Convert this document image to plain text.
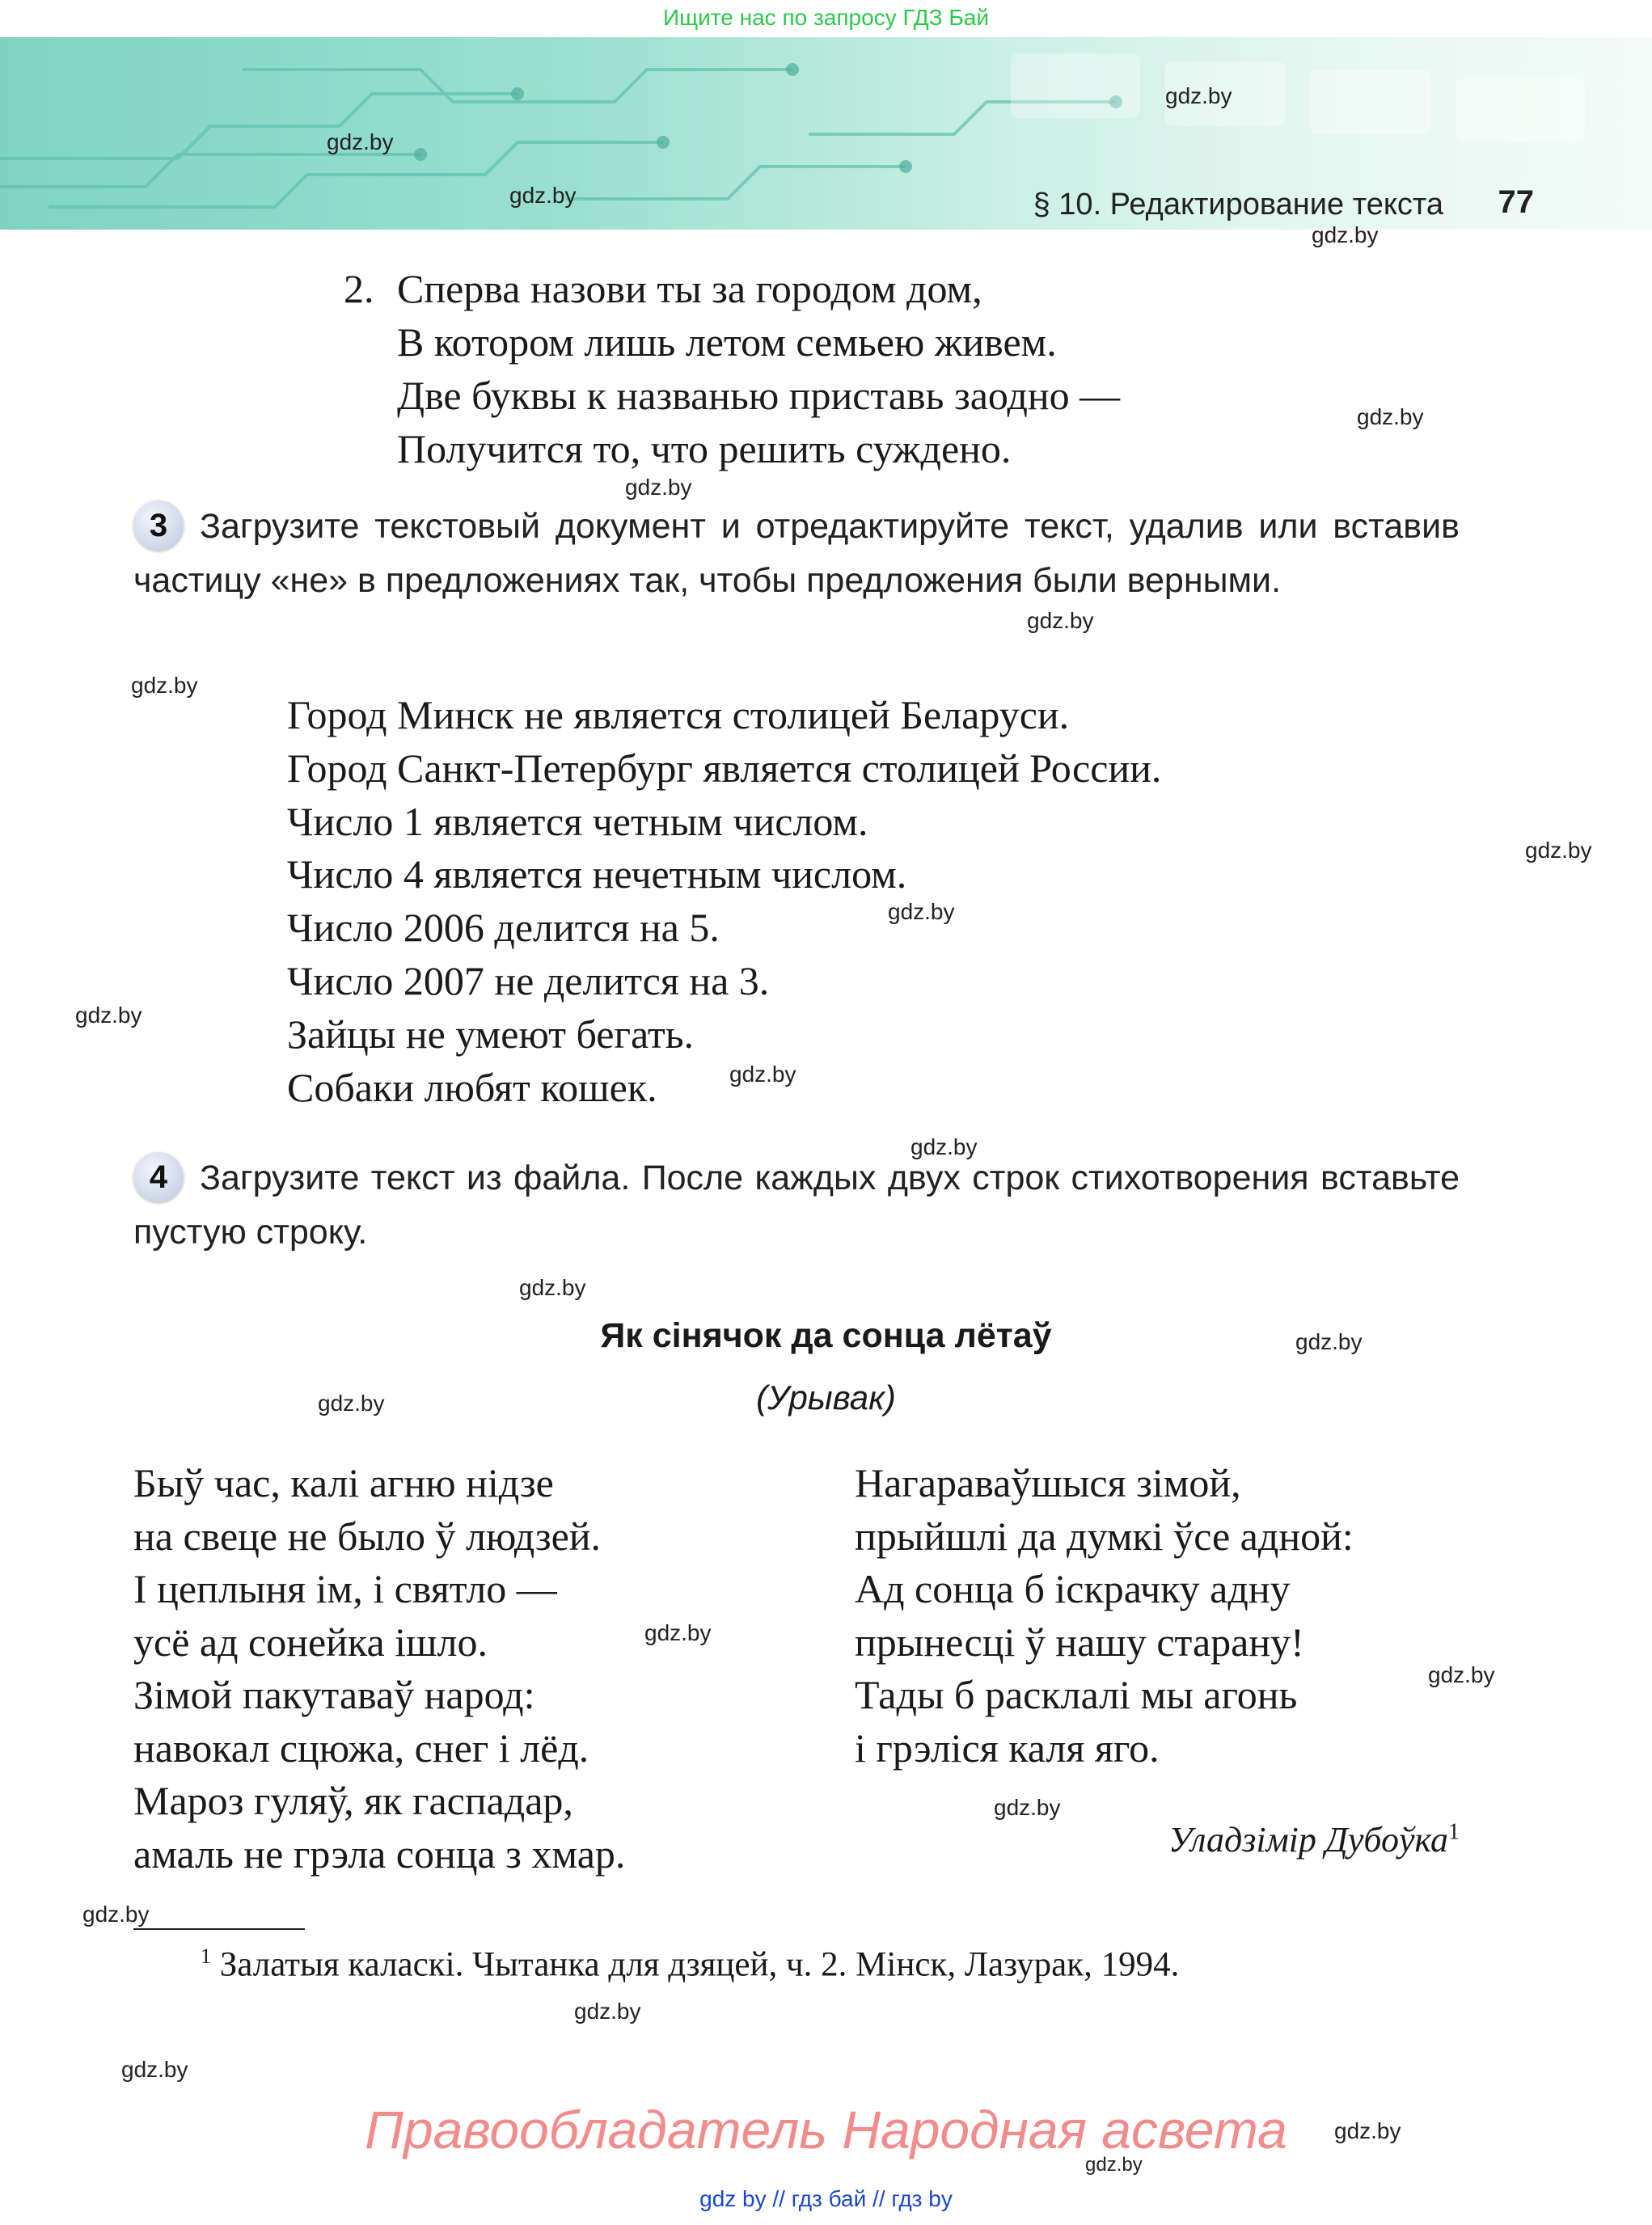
Ищите нас по запросу ГДЗ Бай
§ 10. Редактирование текста 77
2. Сперва назови ты за городом дом,
В котором лишь летом семьею живем.
Две буквы к названью приставь заодно —
Получится то, что решить суждено.
3 Загрузите текстовый документ и отредактируйте текст, удалив или вставив частицу «не» в предложениях так, чтобы предложения были верными.
Город Минск не является столицей Беларуси.
Город Санкт-Петербург является столицей России.
Число 1 является четным числом.
Число 4 является нечетным числом.
Число 2006 делится на 5.
Число 2007 не делится на 3.
Зайцы не умеют бегать.
Собаки любят кошек.
4 Загрузите текст из файла. После каждых двух строк стихотворения вставьте пустую строку.
Як сінячок да сонца лётаў
(Урывак)
Быў час, калі агню нідзе
на свеце не было ў людзей.
І цеплыня ім, і святло —
усё ад сонейка ішло.
Зімой пакутаваў народ:
навокал сцюжа, снег і лёд.
Мароз гуляў, як гаспадар,
амаль не грэла сонца з хмар.
Нагараваўшыся зімой,
прыйшлі да думкі ўсе адной:
Ад сонца б іскрачку адну
прынесці ў нашу старану!
Тады б расклалі мы агонь
і грэліся каля яго.
Уладзімір Дубоўка$^1$
$^1$ Залатыя каласкі. Чытанка для дзяцей, ч. 2. Мінск, Лазурак, 1994.
Правообладатель Народная асвета
gdz by // гдз бай // гдз by
gdz.by
gdz.by
gdz.by
gdz.by
gdz.by
gdz.by
gdz.by
gdz.by
gdz.by
gdz.by
gdz.by
gdz.by
gdz.by
gdz.by
gdz.by
gdz.by
gdz.by
gdz.by
gdz.by
gdz.by
gdz.by
gdz.by
gdz.by
gdz.by
